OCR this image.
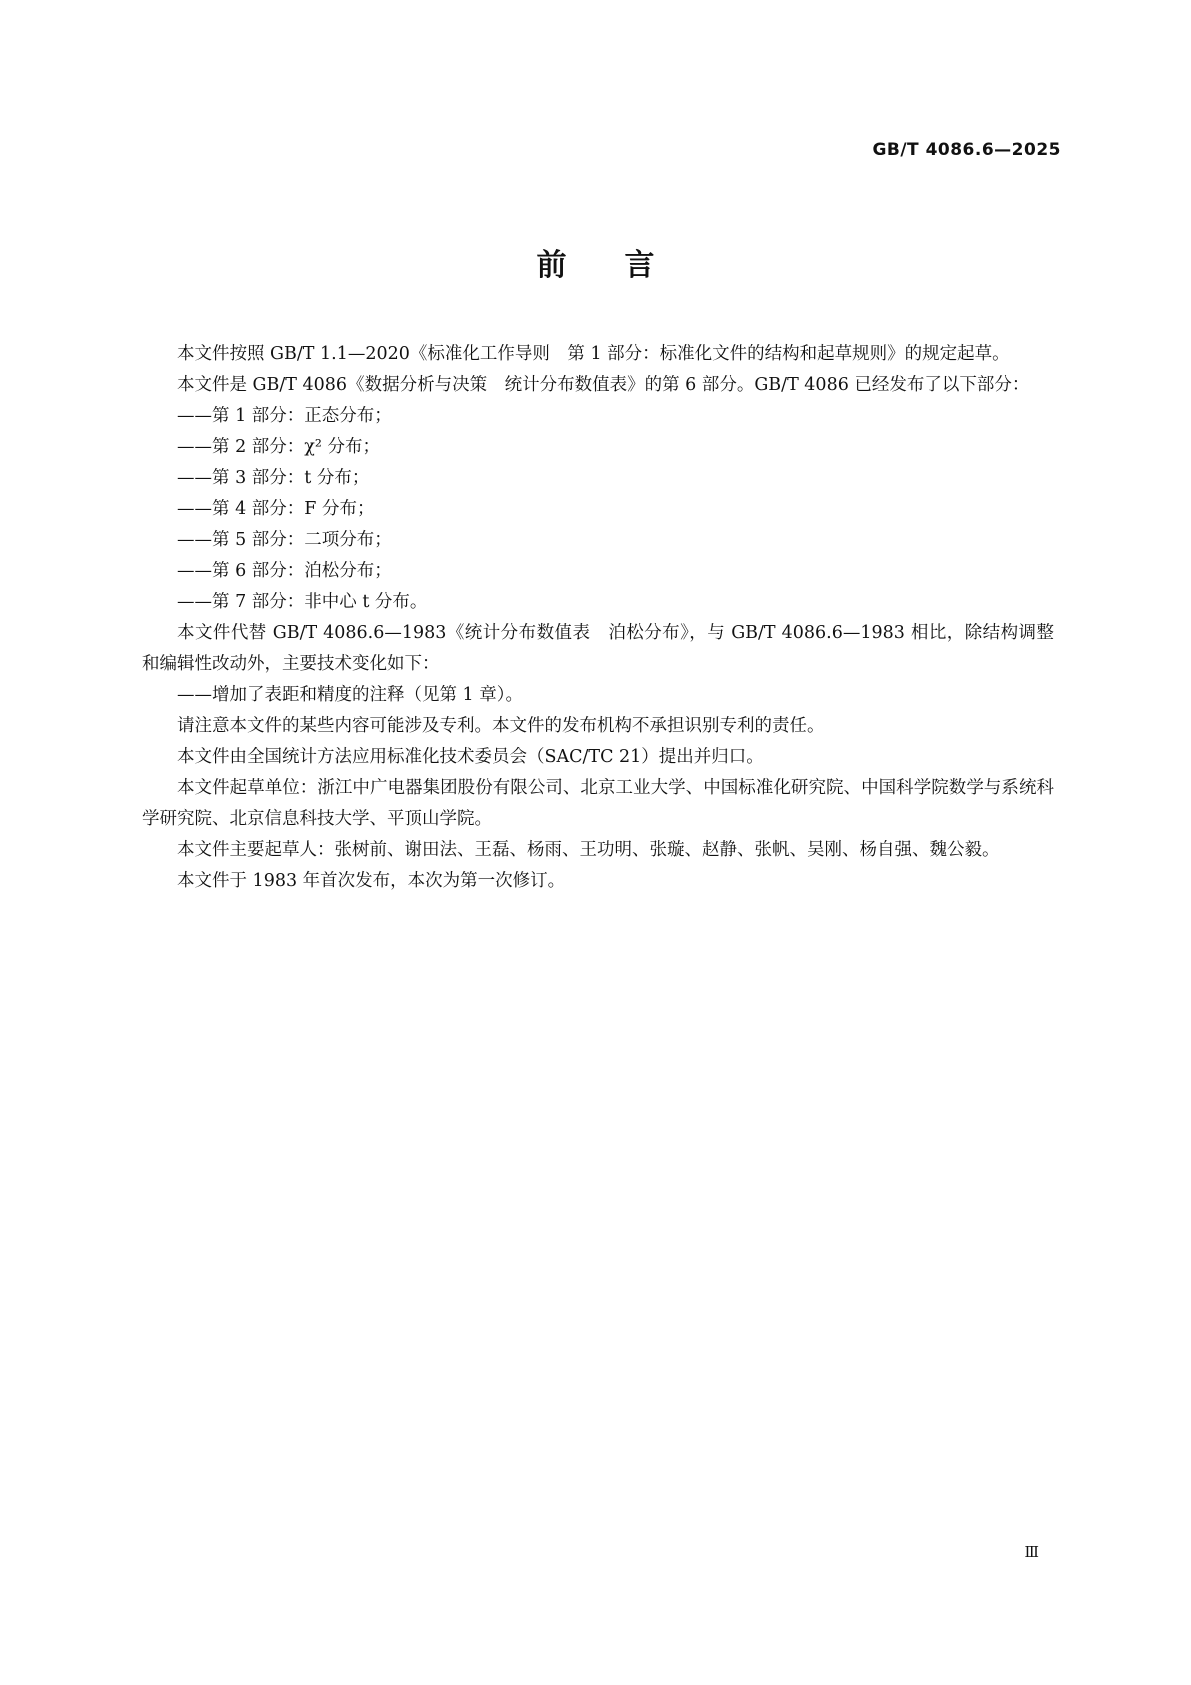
GB/T 4086.6—2025
前言

本文件按照 GB/T 1.1—2020《标准化工作导则　第 1 部分：标准化文件的结构和起草规则》的规定起草。

本文件是 GB/T 4086《数据分析与决策　统计分布数值表》的第 6 部分。GB/T 4086 已经发布了以下部分：

——第 1 部分：正态分布；

——第 2 部分：χ² 分布；

——第 3 部分：t 分布；

——第 4 部分：F 分布；

——第 5 部分：二项分布；

——第 6 部分：泊松分布；

——第 7 部分：非中心 t 分布。

本文件代替 GB/T 4086.6—1983《统计分布数值表　泊松分布》，与 GB/T 4086.6—1983 相比，除结构调整和编辑性改动外，主要技术变化如下：

——增加了表距和精度的注释（见第 1 章）。

请注意本文件的某些内容可能涉及专利。本文件的发布机构不承担识别专利的责任。

本文件由全国统计方法应用标准化技术委员会（SAC/TC 21）提出并归口。

本文件起草单位：浙江中广电器集团股份有限公司、北京工业大学、中国标准化研究院、中国科学院数学与系统科学研究院、北京信息科技大学、平顶山学院。

本文件主要起草人：张树前、谢田法、王磊、杨雨、王功明、张璇、赵静、张帆、吴刚、杨自强、魏公毅。

本文件于 1983 年首次发布，本次为第一次修订。

Ⅲ
